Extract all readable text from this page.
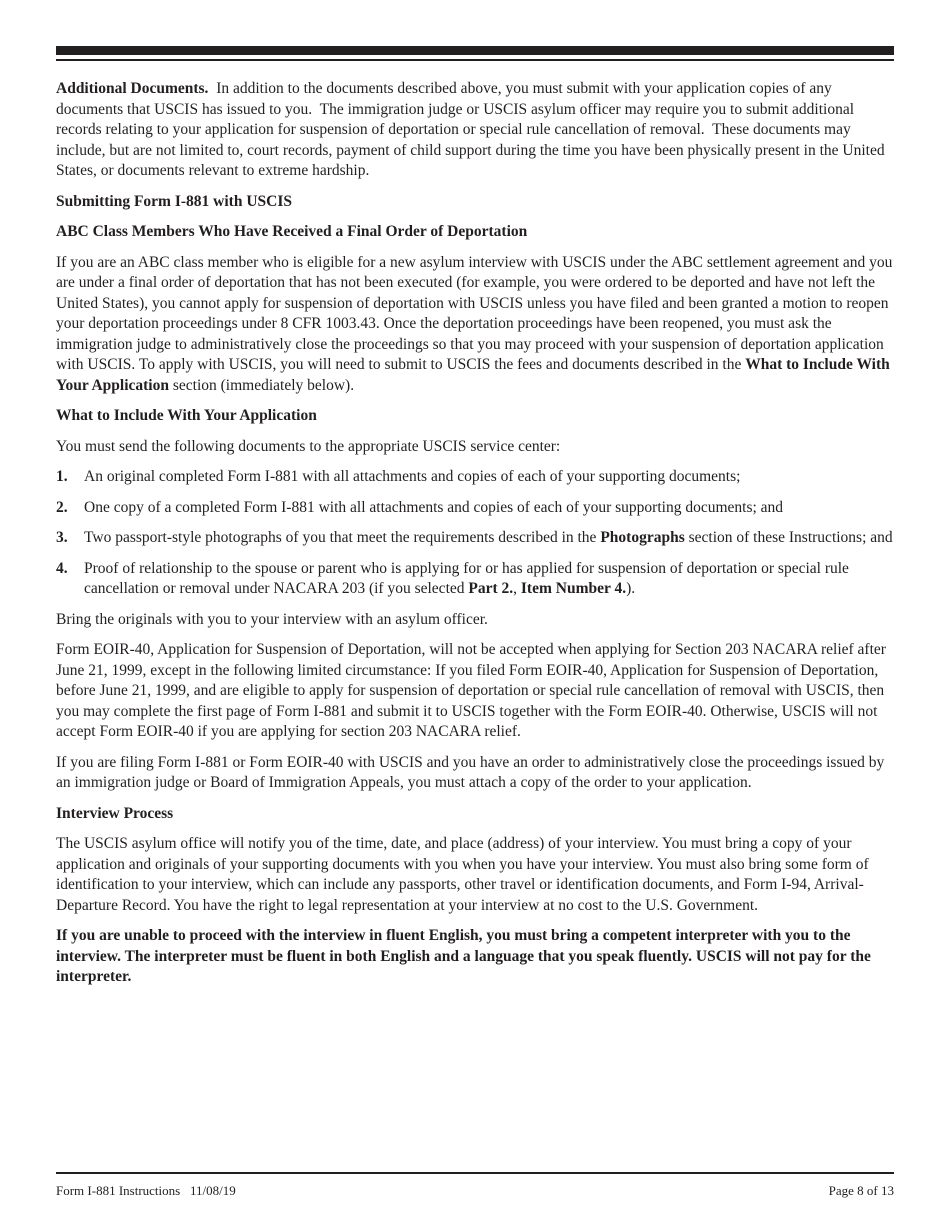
Additional Documents.  In addition to the documents described above, you must submit with your application copies of any documents that USCIS has issued to you.  The immigration judge or USCIS asylum officer may require you to submit additional records relating to your application for suspension of deportation or special rule cancellation of removal.  These documents may include, but are not limited to, court records, payment of child support during the time you have been physically present in the United States, or documents relevant to extreme hardship.

Submitting Form I-881 with USCIS

ABC Class Members Who Have Received a Final Order of Deportation

If you are an ABC class member who is eligible for a new asylum interview with USCIS under the ABC settlement agreement and you are under a final order of deportation that has not been executed (for example, you were ordered to be deported and have not left the United States), you cannot apply for suspension of deportation with USCIS unless you have filed and been granted a motion to reopen your deportation proceedings under 8 CFR 1003.43. Once the deportation proceedings have been reopened, you must ask the immigration judge to administratively close the proceedings so that you may proceed with your suspension of deportation application with USCIS. To apply with USCIS, you will need to submit to USCIS the fees and documents described in the What to Include With Your Application section (immediately below).

What to Include With Your Application

You must send the following documents to the appropriate USCIS service center:

1. An original completed Form I-881 with all attachments and copies of each of your supporting documents;
2. One copy of a completed Form I-881 with all attachments and copies of each of your supporting documents; and
3. Two passport-style photographs of you that meet the requirements described in the Photographs section of these Instructions; and
4. Proof of relationship to the spouse or parent who is applying for or has applied for suspension of deportation or special rule cancellation or removal under NACARA 203 (if you selected Part 2., Item Number 4.).

Bring the originals with you to your interview with an asylum officer.

Form EOIR-40, Application for Suspension of Deportation, will not be accepted when applying for Section 203 NACARA relief after June 21, 1999, except in the following limited circumstance: If you filed Form EOIR-40, Application for Suspension of Deportation, before June 21, 1999, and are eligible to apply for suspension of deportation or special rule cancellation of removal with USCIS, then you may complete the first page of Form I-881 and submit it to USCIS together with the Form EOIR-40. Otherwise, USCIS will not accept Form EOIR-40 if you are applying for section 203 NACARA relief.

If you are filing Form I-881 or Form EOIR-40 with USCIS and you have an order to administratively close the proceedings issued by an immigration judge or Board of Immigration Appeals, you must attach a copy of the order to your application.

Interview Process

The USCIS asylum office will notify you of the time, date, and place (address) of your interview. You must bring a copy of your application and originals of your supporting documents with you when you have your interview. You must also bring some form of identification to your interview, which can include any passports, other travel or identification documents, and Form I-94, Arrival-Departure Record. You have the right to legal representation at your interview at no cost to the U.S. Government.

If you are unable to proceed with the interview in fluent English, you must bring a competent interpreter with you to the interview. The interpreter must be fluent in both English and a language that you speak fluently. USCIS will not pay for the interpreter.

Form I-881 Instructions   11/08/19	Page 8 of 13
